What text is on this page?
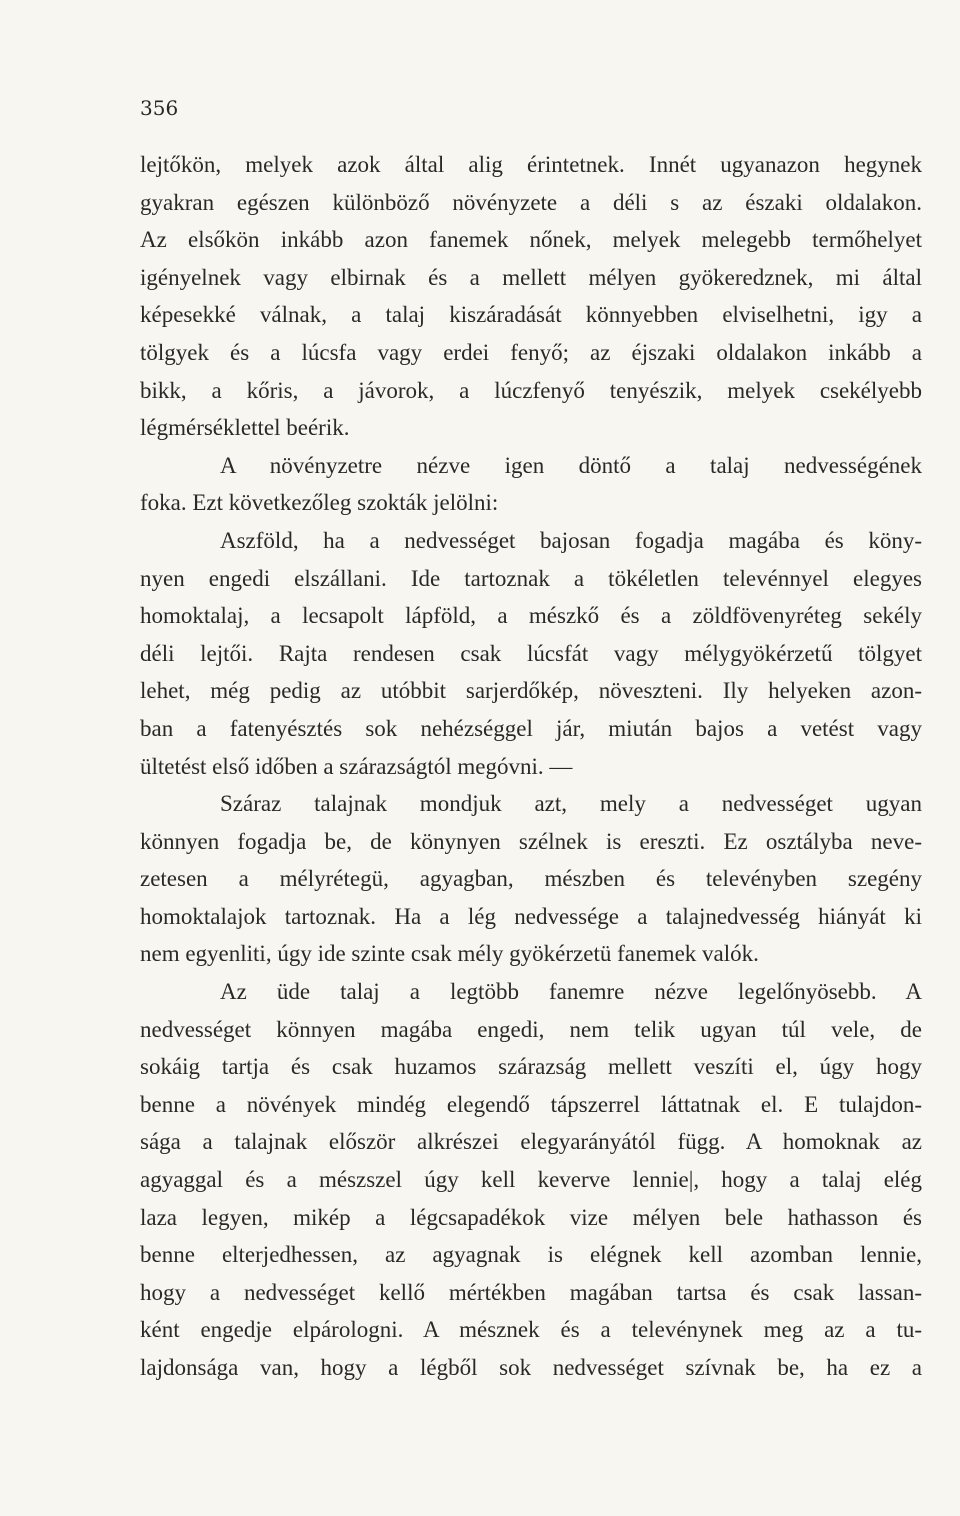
356
lejtőkön, melyek azok által alig érintetnek. Innét ugyanazon hegynek
gyakran egészen különböző növényzete a déli s az északi oldalakon.
Az elsőkön inkább azon fanemek nőnek, melyek melegebb termőhelyet
igényelnek vagy elbirnak és a mellett mélyen gyökeredznek, mi által
képesekké válnak, a talaj kiszáradását könnyebben elviselhetni, igy a
tölgyek és a lúcsfa vagy erdei fenyő; az éjszaki oldalakon inkább a
bikk, a kőris, a jávorok, a lúczfenyő tenyészik, melyek csekélyebb
légmérséklettel beérik.
A növényzetre nézve igen döntő a talaj nedvességének
foka. Ezt következőleg szokták jelölni:
Aszföld, ha a nedvességet bajosan fogadja magába és köny-
nyen engedi elszállani. Ide tartoznak a tökéletlen televénnyel elegyes
homoktalaj, a lecsapolt lápföld, a mészkő és a zöldfövenyréteg sekély
déli lejtői. Rajta rendesen csak lúcsfát vagy mélygyökérzetű tölgyet
lehet, még pedig az utóbbit sarjerdőkép, növeszteni. Ily helyeken azon-
ban a fatenyésztés sok nehézséggel jár, miután bajos a vetést vagy
ültetést első időben a szárazságtól megóvni. —
Száraz talajnak mondjuk azt, mely a nedvességet ugyan
könnyen fogadja be, de könynyen szélnek is ereszti. Ez osztályba neve-
zetesen a mélyrétegü, agyagban, mészben és televényben szegény
homoktalajok tartoznak. Ha a lég nedvessége a talajnedvesség hiányát ki
nem egyenliti, úgy ide szinte csak mély gyökérzetü fanemek valók.
Az üde talaj a legtöbb fanemre nézve legelőnyösebb. A
nedvességet könnyen magába engedi, nem telik ugyan túl vele, de
sokáig tartja és csak huzamos szárazság mellett veszíti el, úgy hogy
benne a növények mindég elegendő tápszerrel láttatnak el. E tulajdon-
sága a talajnak először alkrészei elegyarányától függ. A homoknak az
agyaggal és a mészszel úgy kell keverve lennie|, hogy a talaj elég
laza legyen, mikép a légcsapadékok vize mélyen bele hathasson és
benne elterjedhessen, az agyagnak is elégnek kell azomban lennie,
hogy a nedvességet kellő mértékben magában tartsa és csak lassan-
ként engedje elpárologni. A mésznek és a televénynek meg az a tu-
lajdonsága van, hogy a légből sok nedvességet szívnak be, ha ez a
